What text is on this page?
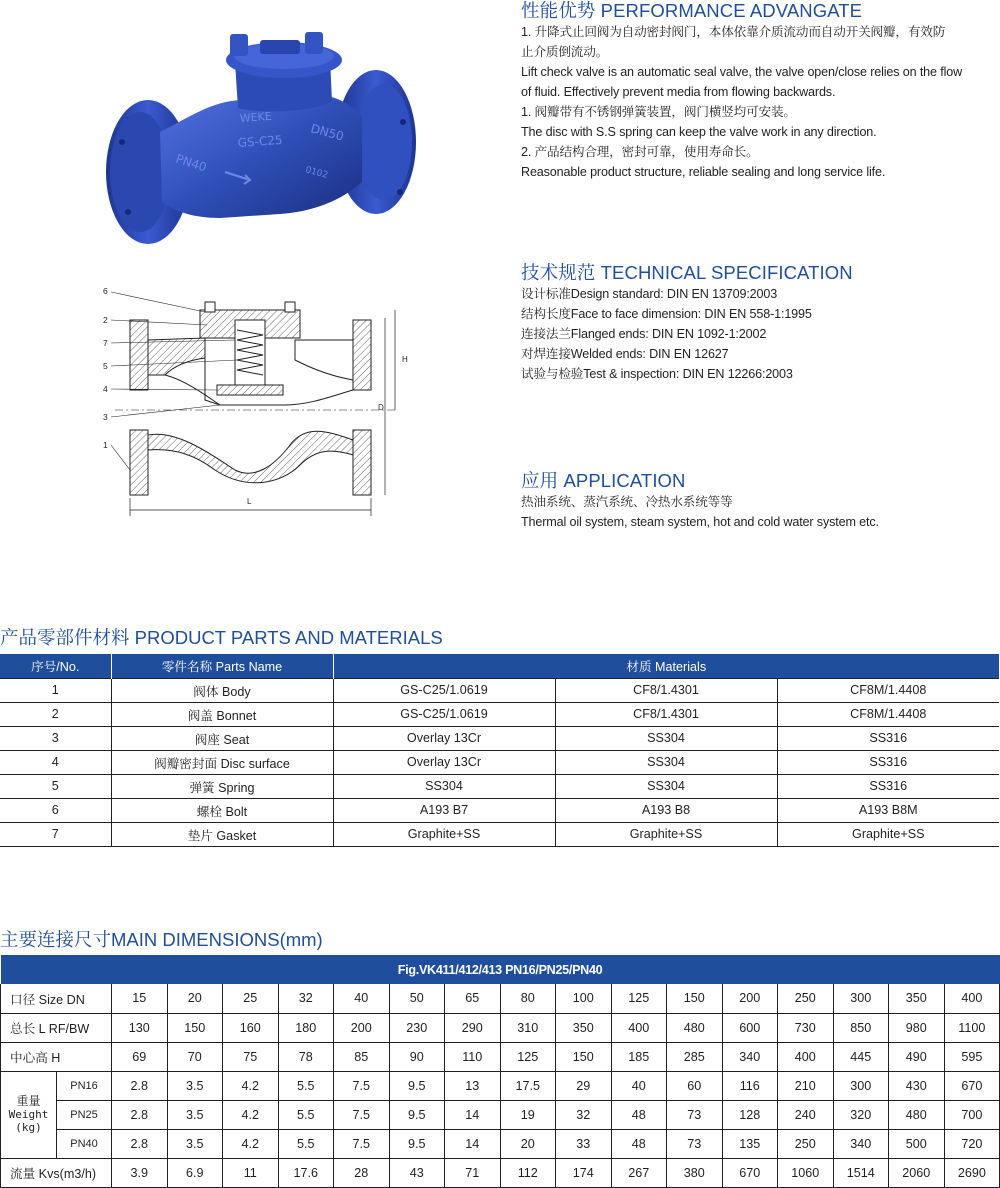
WEKE
GS-C25 DN50
PN40	0102
L
H
D
6
2
7
5
4
3
1
性能优势 PERFORMANCE ADVANGATE

1. 升降式止回阀为自动密封阀门，本体依靠介质流动而自动开关阀瓣，有效防

止介质倒流动。

Lift check valve is an automatic seal valve, the valve open/close relies on the flow

of fluid. Effectively prevent media from flowing backwards.

1. 阀瓣带有不锈钢弹簧装置，阀门横竖均可安装。

The disc with S.S spring can keep the valve work in any direction.

2. 产品结构合理，密封可靠，使用寿命长。

Reasonable product structure, reliable sealing and long service life.

技术规范 TECHNICAL SPECIFICATION

设计标准Design standard: DIN EN 13709:2003

结构长度Face to face dimension: DIN EN 558-1:1995

连接法兰Flanged ends: DIN EN 1092-1:2002

对焊连接Welded ends: DIN EN 12627

试验与检验Test & inspection: DIN EN 12266:2003

应用 APPLICATION

热油系统、蒸汽系统、冷热水系统等等

Thermal oil system, steam system, hot and cold water system etc.

产品零部件材料 PRODUCT PARTS AND MATERIALS
序号/No.	零件名称 Parts Name	材质 Materials		
1	阀体 Body	GS-C25/1.0619	CF8/1.4301	CF8M/1.4408
2	阀盖 Bonnet	GS-C25/1.0619	CF8/1.4301	CF8M/1.4408
3	阀座 Seat	Overlay 13Cr	SS304	SS316
4	阀瓣密封面 Disc surface	Overlay 13Cr	SS304	SS316
5	弹簧 Spring	SS304	SS304	SS316
6	螺栓 Bolt	A193 B7	A193 B8	A193 B8M
7	垫片 Gasket	Graphite+SS	Graphite+SS	Graphite+SS
主要连接尺寸MAIN DIMENSIONS(mm)
Fig.VK411/412/413 PN16/PN25/PN40																	
口径 Size DN		15	20	25	32	40	50	65	80	100	125	150	200	250	300	350	400
总长 L RF/BW		130	150	160	180	200	230	290	310	350	400	480	600	730	850	980	1100
中心高 H		69	70	75	78	85	90	110	125	150	185	285	340	400	445	490	595

重量
Weight
(kg)	PN16	2.8	3.5	4.2	5.5	7.5	9.5	13	17.5	29	40	60	116	210	300	430	670
	PN25	2.8	3.5	4.2	5.5	7.5	9.5	14	19	32	48	73	128	240	320	480	700
	PN40	2.8	3.5	4.2	5.5	7.5	9.5	14	20	33	48	73	135	250	340	500	720
流量 Kvs(m3/h)		3.9	6.9	11	17.6	28	43	71	112	174	267	380	670	1060	1514	2060	2690
